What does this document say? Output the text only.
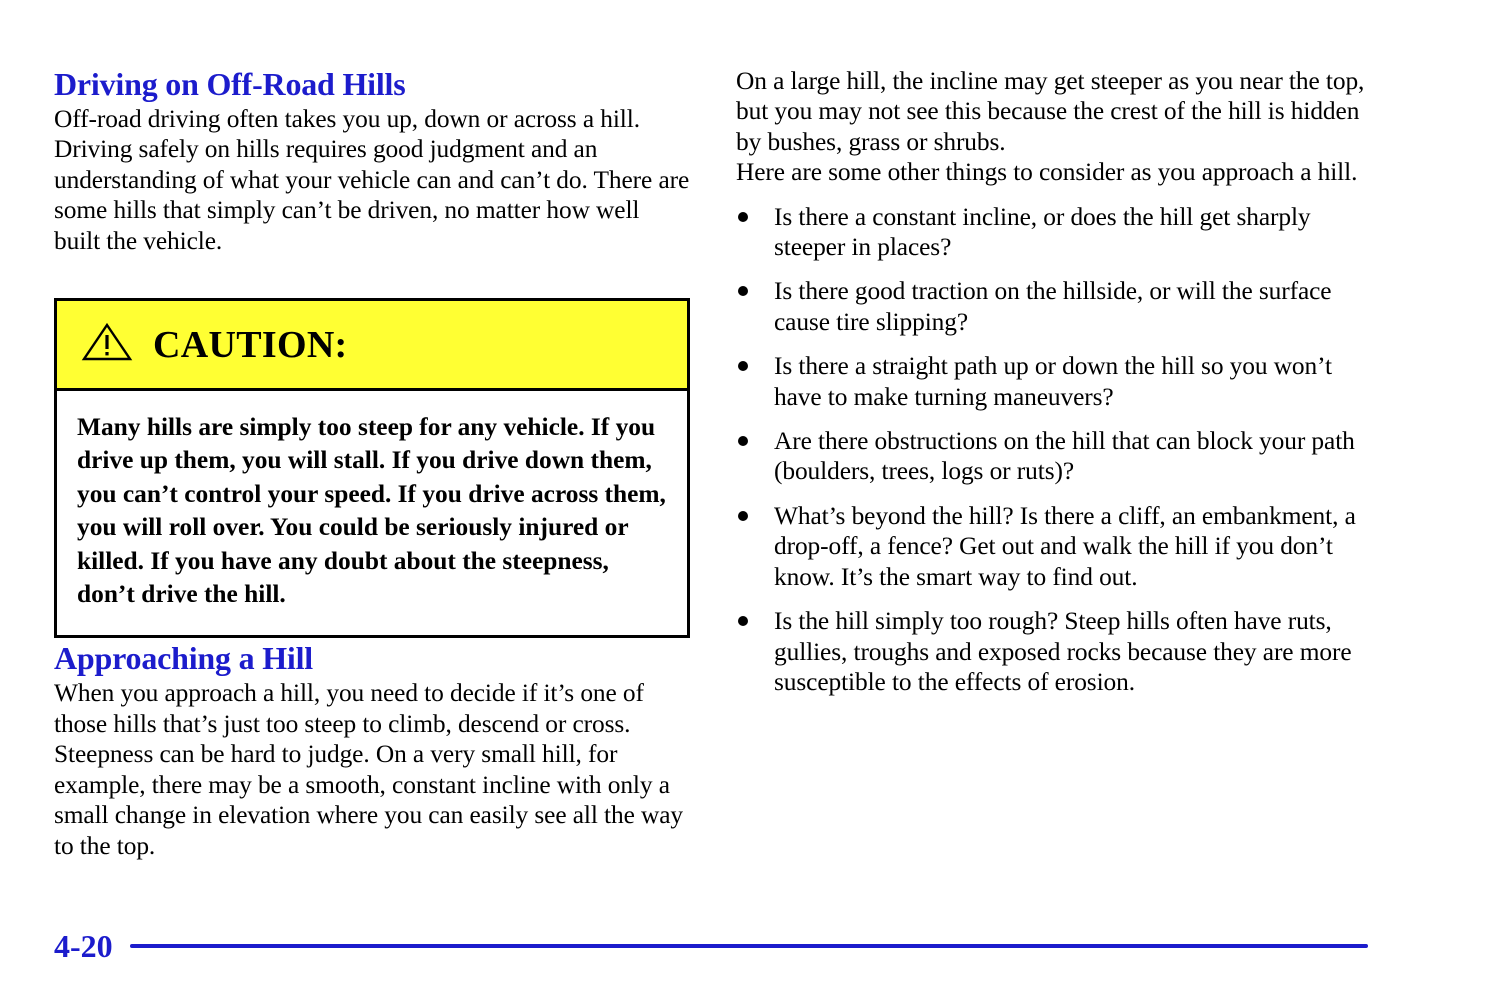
Driving on Off-Road Hills

Off-road driving often takes you up, down or across a hill. Driving safely on hills requires good judgment and an understanding of what your vehicle can and can’t do. There are some hills that simply can’t be driven, no matter how well built the vehicle.

CAUTION:
Many hills are simply too steep for any vehicle. If you drive up them, you will stall. If you drive down them, you can’t control your speed. If you drive across them, you will roll over. You could be seriously injured or killed. If you have any doubt about the steepness, don’t drive the hill.
Approaching a Hill

When you approach a hill, you need to decide if it’s one of those hills that’s just too steep to climb, descend or cross. Steepness can be hard to judge. On a very small hill, for example, there may be a smooth, constant incline with only a small change in elevation where you can easily see all the way to the top.

On a large hill, the incline may get steeper as you near the top, but you may not see this because the crest of the hill is hidden by bushes, grass or shrubs.

Here are some other things to consider as you approach a hill.

Is there a constant incline, or does the hill get sharply steeper in places?
Is there good traction on the hillside, or will the surface cause tire slipping?
Is there a straight path up or down the hill so you won’t have to make turning maneuvers?
Are there obstructions on the hill that can block your path (boulders, trees, logs or ruts)?
What’s beyond the hill? Is there a cliff, an embankment, a drop-off, a fence? Get out and walk the hill if you don’t know. It’s the smart way to find out.
Is the hill simply too rough? Steep hills often have ruts, gullies, troughs and exposed rocks because they are more susceptible to the effects of erosion.
4-20
